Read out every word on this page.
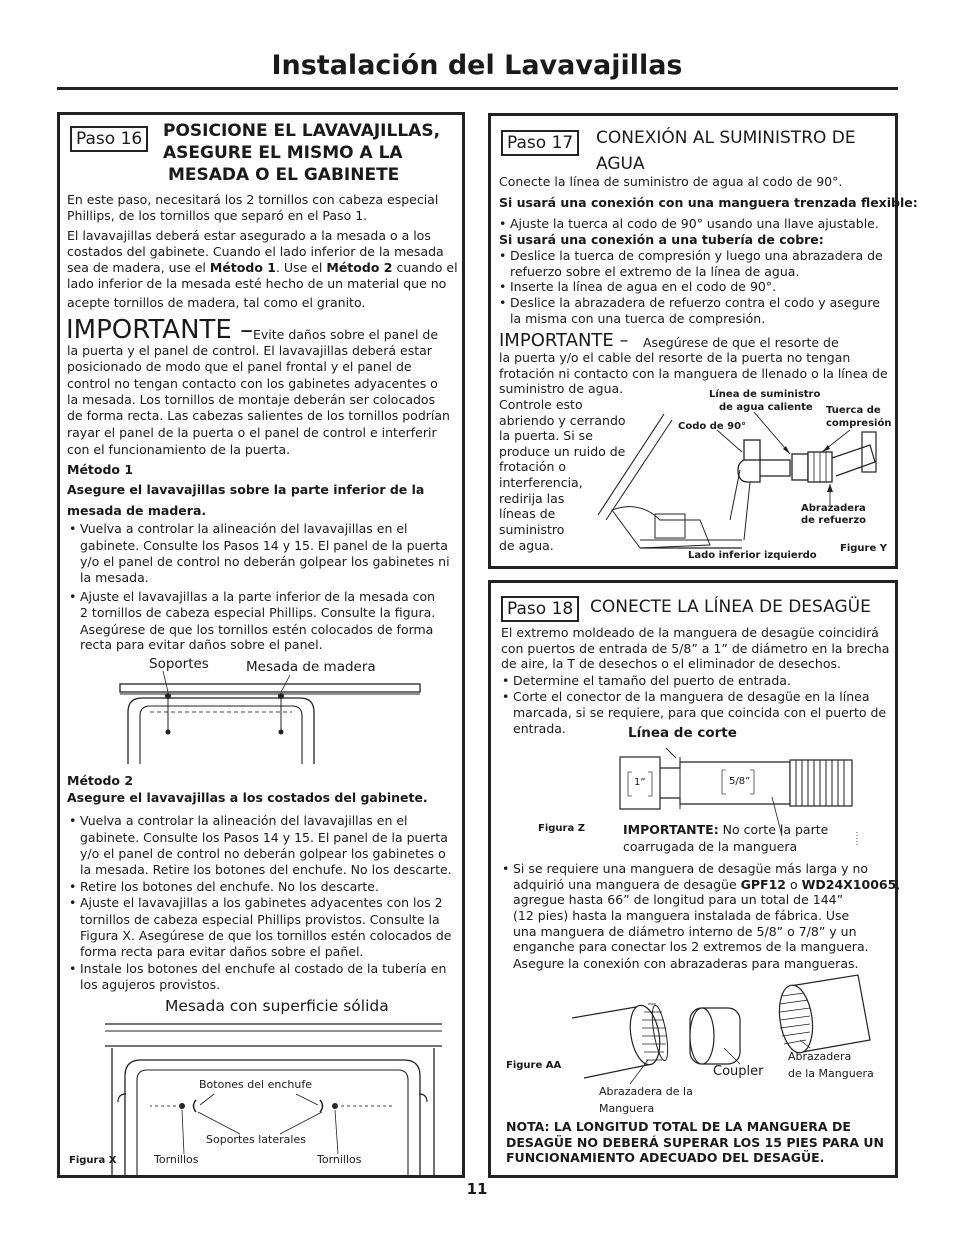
Instalación del Lavavajillas
Paso 16	POSICIONE EL LAVAVAJILLAS,
ASEGURE EL MISMO A LA
MESADA O EL GABINETE
En este paso, necesitará los 2 tornillos con cabeza especial
Phillips, de los tornillos que separó en el Paso 1.
El lavavajillas deberá estar asegurado a la mesada o a los
costados del gabinete. Cuando el lado inferior de la mesada
sea de madera, use el Método 1. Use el Método 2 cuando el
lado inferior de la mesada esté hecho de un material que no
acepte tornillos de madera, tal como el granito.
IMPORTANTE – Evite daños sobre el panel de
la puerta y el panel de control. El lavavajillas deberá estar
posicionado de modo que el panel frontal y el panel de
control no tengan contacto con los gabinetes adyacentes o
la mesada. Los tornillos de montaje deberán ser colocados
de forma recta. Las cabezas salientes de los tornillos podrían
rayar el panel de la puerta o el panel de control e interferir
con el funcionamiento de la puerta.
Método 1
Asegure el lavavajillas sobre la parte inferior de la
mesada de madera.
• Vuelva a controlar la alineación del lavavajillas en el
gabinete. Consulte los Pasos 14 y 15. El panel de la puerta
y/o el panel de control no deberán golpear los gabinetes ni
la mesada.
• Ajuste el lavavajillas a la parte inferior de la mesada con
2 tornillos de cabeza especial Phillips. Consulte la figura.
Asegúrese de que los tornillos estén colocados de forma
recta para evitar daños sobre el panel.
Soportes	Mesada de madera
Método 2
Asegure el lavavajillas a los costados del gabinete.
• Vuelva a controlar la alineación del lavavajillas en el
gabinete. Consulte los Pasos 14 y 15. El panel de la puerta
y/o el panel de control no deberán golpear los gabinetes o
la mesada. Retire los botones del enchufe. No los descarte.
• Retire los botones del enchufe. No los descarte.
• Ajuste el lavavajillas a los gabinetes adyacentes con los 2
tornillos de cabeza especial Phillips provistos. Consulte la
Figura X. Asegúrese de que los tornillos estén colocados de
forma recta para evitar daños sobre el pañel.
• Instale los botones del enchufe al costado de la tubería en
los agujeros provistos.
Mesada con superficie sólida
Botones del enchufe
Soportes laterales
Tornillos	Tornillos
Figura X
Paso 17	CONEXIÓN AL SUMINISTRO DE
AGUA
Conecte la línea de suministro de agua al codo de 90°.
Si usará una conexión con una manguera trenzada flexible:
• Ajuste la tuerca al codo de 90° usando una llave ajustable.
Si usará una conexión a una tubería de cobre:
• Deslice la tuerca de compresión y luego una abrazadera de
refuerzo sobre el extremo de la línea de agua.
• Inserte la línea de agua en el codo de 90°.
• Deslice la abrazadera de refuerzo contra el codo y asegure
la misma con una tuerca de compresión.
IMPORTANTE – Asegúrese de que el resorte de
la puerta y/o el cable del resorte de la puerta no tengan
frotación ni contacto con la manguera de llenado o la línea de
suministro de agua.
Controle esto
abriendo y cerrando
la puerta. Si se
produce un ruido de
frotación o
interferencia,
redirija las
líneas de
suministro
de agua.
Línea de suministro
de agua caliente Tuerca de
compresión
Codo de 90°
Abrazadera
de refuerzo
Lado inferior izquierdo
Figure Y
Paso 18 CONECTE LA LÍNEA DE DESAGÜE
El extremo moldeado de la manguera de desagüe coincidirá
con puertos de entrada de 5/8” a 1” de diámetro en la brecha
de aire, la T de desechos o el eliminador de desechos.
• Determine el tamaño del puerto de entrada.
• Corte el conector de la manguera de desagüe en la línea
marcada, si se requiere, para que coincida con el puerto de
entrada.	Línea de corte
1”	5/8”
Figura Z	IMPORTANTE: No corte la parte
coarrugada de la manguera
• Si se requiere una manguera de desagüe más larga y no
adquirió una manguera de desagüe GPF12 o WD24X10065,
agregue hasta 66” de longitud para un total de 144”
(12 pies) hasta la manguera instalada de fábrica. Use
una manguera de diámetro interno de 5/8” o 7/8” y un
enganche para conectar los 2 extremos de la manguera.
Asegure la conexión con abrazaderas para mangueras.
Figure AA	Coupler
Abrazadera de la
Manguera
Abrazadera
de la Manguera
NOTA: LA LONGITUD TOTAL DE LA MANGUERA DE
DESAGÜE NO DEBERÁ SUPERAR LOS 15 PIES PARA UN
FUNCIONAMIENTO ADECUADO DEL DESAGÜE.
11
